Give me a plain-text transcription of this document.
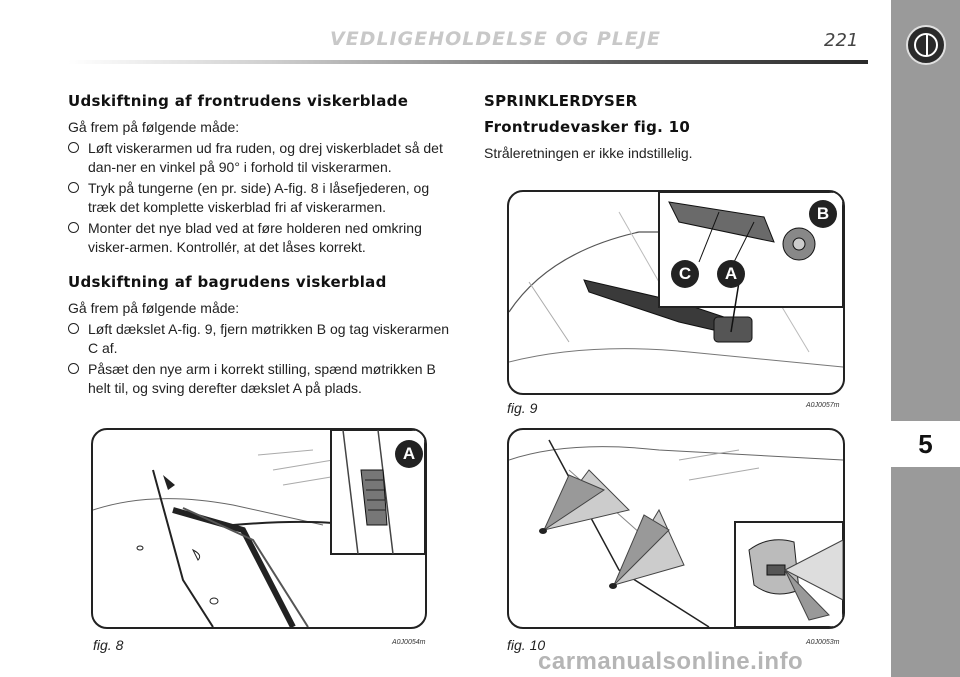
VEDLIGEHOLDELSE OG PLEJE	221
5
Udskiftning af frontrudens viskerblade

Gå frem på følgende måde:

Løft viskerarmen ud fra ruden, og drej viskerbladet så det dan-ner en vinkel på 90° i forhold til viskerarmen.
Tryk på tungerne (en pr. side) A-fig. 8 i låsefjederen, og træk det komplette viskerblad fri af viskerarmen.
Monter det nye blad ved at føre holderen ned omkring visker-armen. Kontrollér, at det låses korrekt.
Udskiftning af bagrudens viskerblad

Gå frem på følgende måde:

Løft dækslet A-fig. 9, fjern møtrikken B og tag viskerarmen C af.
Påsæt den nye arm i korrekt stilling, spænd møtrikken B helt til, og sving derefter dækslet A på plads.
SPRINKLERDYSER
Frontrudevasker fig. 10

Stråleretningen er ikke indstillelig.

B
C	A
fig. 9	A0J0057m
A
fig. 8	A0J0054m	fig. 10	A0J0053m
carmanualsonline.info
